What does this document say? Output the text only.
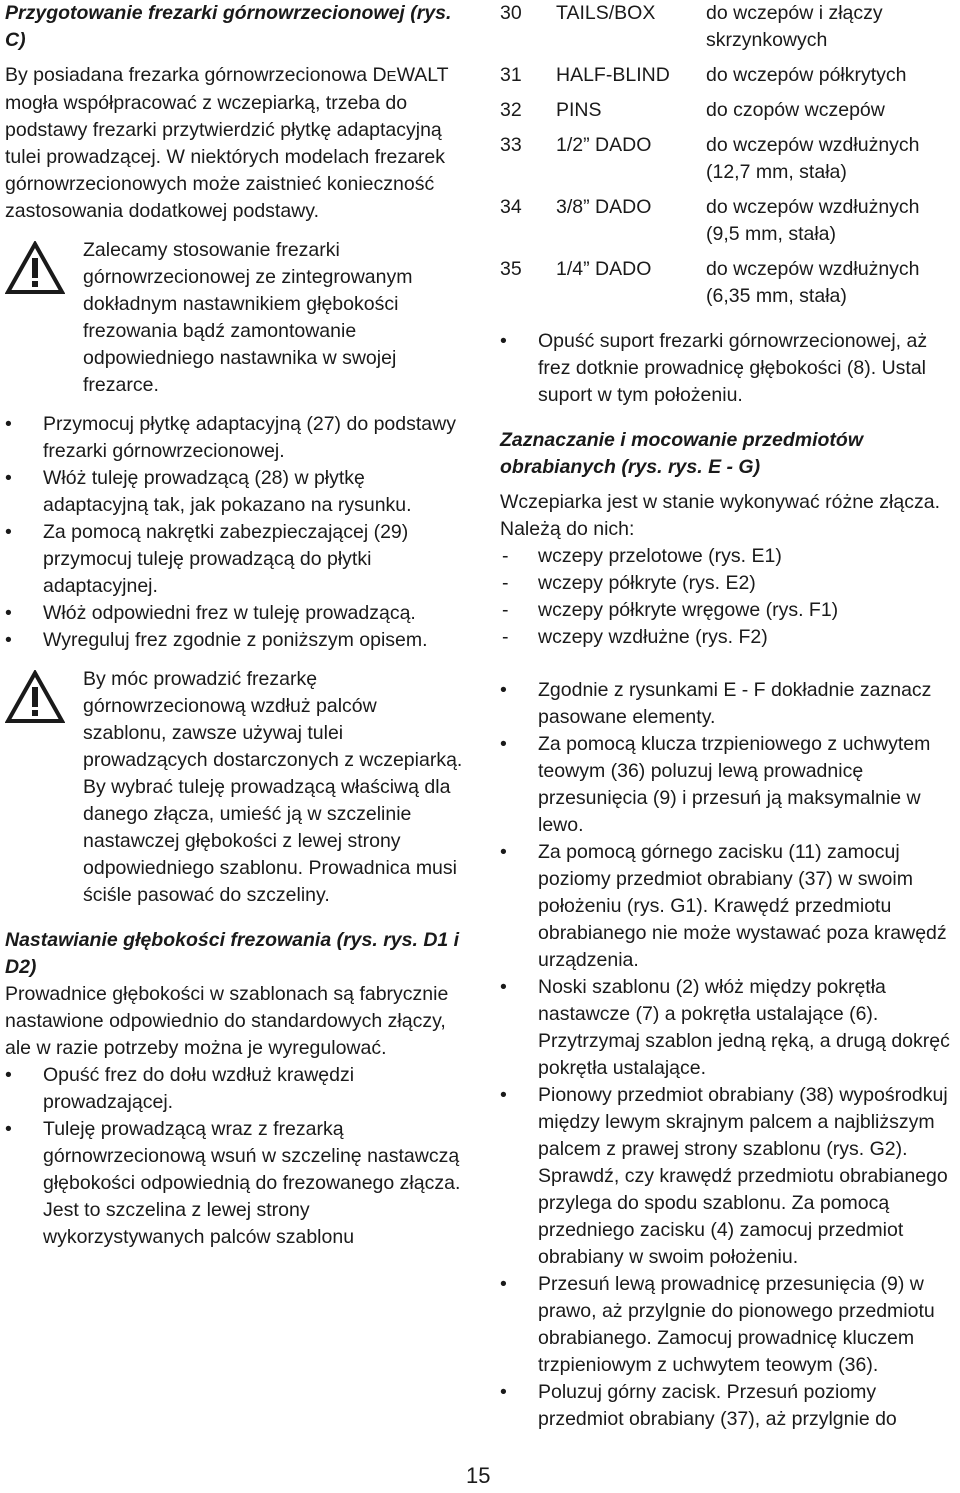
Przygotowanie frezarki górnowrzecionowej (rys. C)
By posiadana frezarka górnowrzecionowa DEWALT mogła współpracować z wczepiarką, trzeba do podstawy frezarki przytwierdzić płytkę adaptacyjną tulei prowadzącej. W niektórych modelach frezarek górnowrzecionowych może zaistnieć konieczność zastosowania dodatkowej podstawy.
Zalecamy stosowanie frezarki górnowrzecionowej ze zintegrowanym dokładnym nastawnikiem głębokości frezowania bądź zamontowanie odpowiedniego nastawnika w swojej frezarce.
• Przymocuj płytkę adaptacyjną (27) do podstawy frezarki górnowrzecionowej.
• Włóż tuleję prowadzącą (28) w płytkę adaptacyjną tak, jak pokazano na rysunku.
• Za pomocą nakrętki zabezpieczającej (29) przymocuj tuleję prowadzącą do płytki adaptacyjnej.
• Włóż odpowiedni frez w tuleję prowadzącą.
• Wyreguluj frez zgodnie z poniższym opisem.
By móc prowadzić frezarkę górnowrzecionową wzdłuż palców szablonu, zawsze używaj tulei prowadzących dostarczonych z wczepiarką. By wybrać tuleję prowadzącą właściwą dla danego złącza, umieść ją w szczelinie nastawczej głębokości z lewej strony odpowiedniego szablonu. Prowadnica musi ściśle pasować do szczeliny.
Nastawianie głębokości frezowania (rys. rys. D1 i D2)
Prowadnice głębokości w szablonach są fabrycznie nastawione odpowiednio do standardowych złączy, ale w razie potrzeby można je wyregulować.
• Opuść frez do dołu wzdłuż krawędzi prowadzającej.
• Tuleję prowadzącą wraz z frezarką górnowrzecionową wsuń w szczelinę nastawczą głębokości odpowiednią do frezowanego złącza. Jest to szczelina z lewej strony wykorzystywanych palców szablonu
30	TAILS/BOX	do wczepów i złączy skrzynkowych
31	HALF-BLIND	do wczepów półkrytych
32	PINS	do czopów wczepów
33	1/2” DADO	do wczepów wzdłużnych (12,7 mm, stała)
34	3/8” DADO	do wczepów wzdłużnych (9,5 mm, stała)
35	1/4” DADO	do wczepów wzdłużnych (6,35 mm, stała)
• Opuść suport frezarki górnowrzecionowej, aż frez dotknie prowadnicę głębokości (8). Ustal suport w tym położeniu.
Zaznaczanie i mocowanie przedmiotów obrabianych (rys. rys. E - G)
Wczepiarka jest w stanie wykonywać różne złącza. Należą do nich:
- wczepy przelotowe (rys. E1)
- wczepy półkryte (rys. E2)
- wczepy półkryte wręgowe (rys. F1)
- wczepy wzdłużne (rys. F2)
• Zgodnie z rysunkami E - F dokładnie zaznacz pasowane elementy.
• Za pomocą klucza trzpieniowego z uchwytem teowym (36) poluzuj lewą prowadnicę przesunięcia (9) i przesuń ją maksymalnie w lewo.
• Za pomocą górnego zacisku (11) zamocuj poziomy przedmiot obrabiany (37) w swoim położeniu (rys. G1). Krawędź przedmiotu obrabianego nie może wystawać poza krawędź urządzenia.
• Noski szablonu (2) włóż między pokrętła nastawcze (7) a pokrętła ustalające (6). Przytrzymaj szablon jedną ręką, a drugą dokręć pokrętła ustalające.
• Pionowy przedmiot obrabiany (38) wypośrodkuj między lewym skrajnym palcem a najbliższym palcem z prawej strony szablonu (rys. G2). Sprawdź, czy krawędź przedmiotu obrabianego przylega do spodu szablonu. Za pomocą przedniego zacisku (4) zamocuj przedmiot obrabiany w swoim położeniu.
• Przesuń lewą prowadnicę przesunięcia (9) w prawo, aż przylgnie do pionowego przedmiotu obrabianego. Zamocuj prowadnicę kluczem trzpieniowym z uchwytem teowym (36).
• Poluzuj górny zacisk. Przesuń poziomy przedmiot obrabiany (37), aż przylgnie do
15
